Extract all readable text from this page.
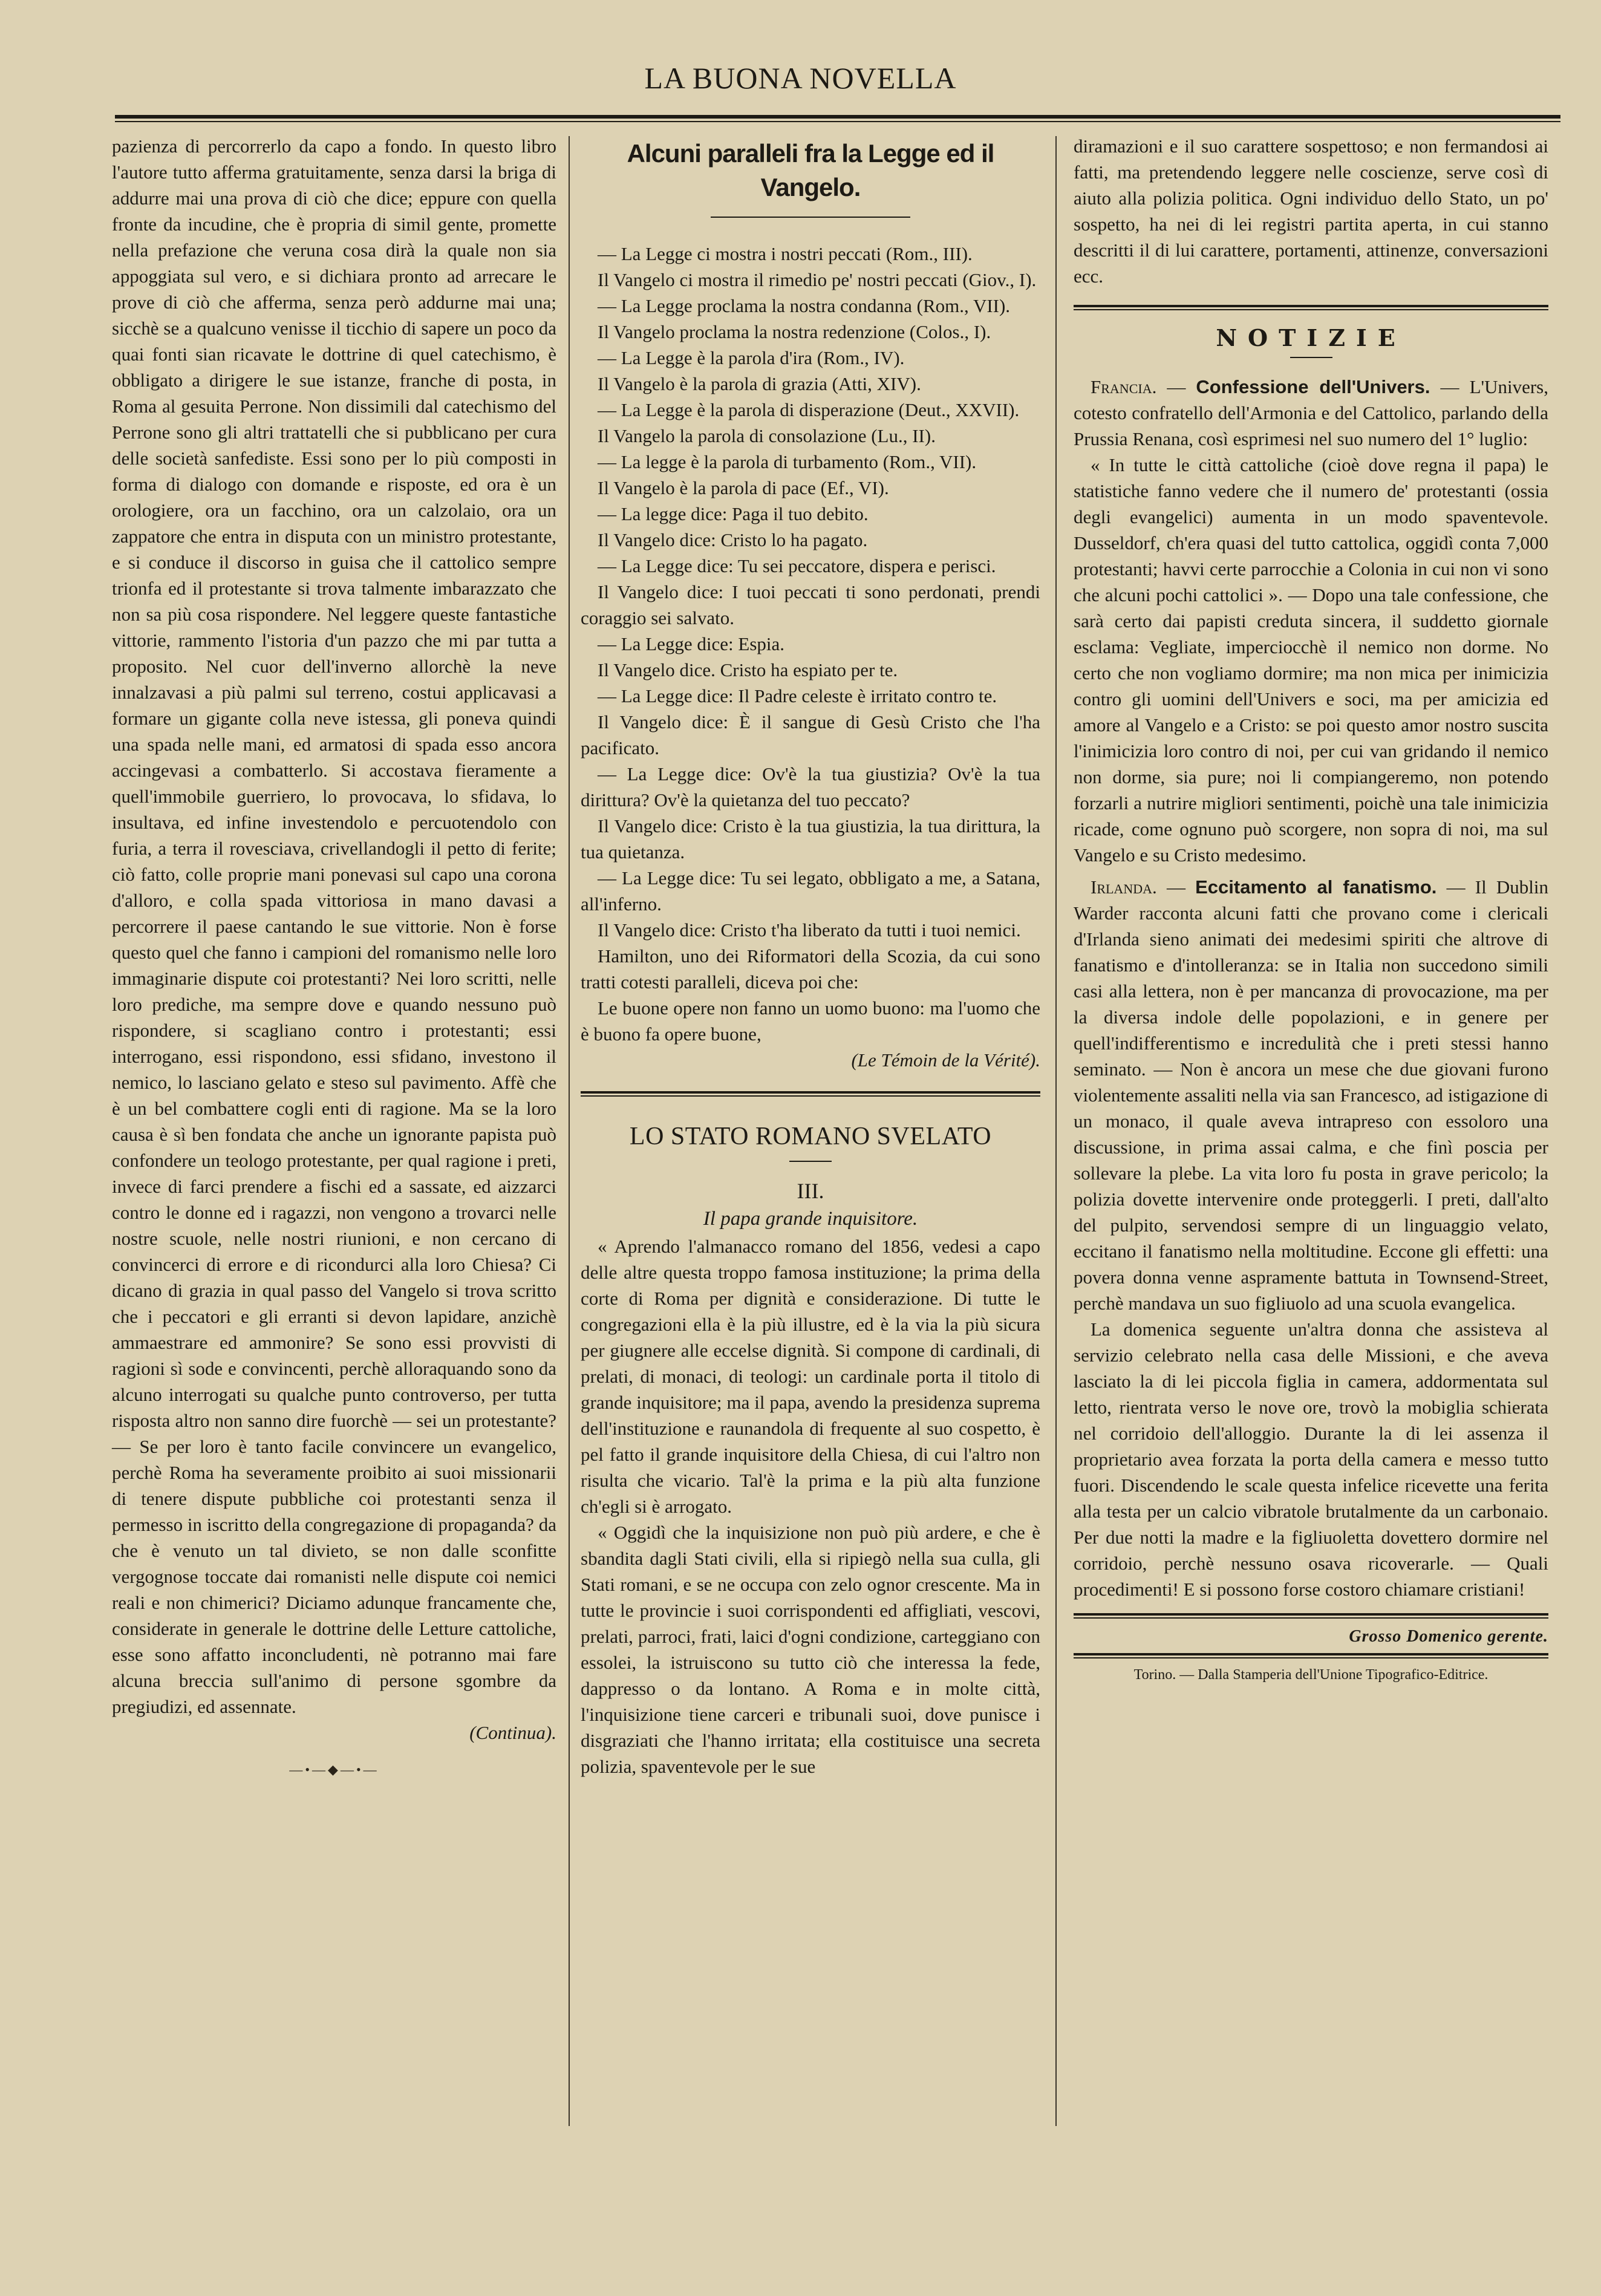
LA BUONA NOVELLA

pazienza di percorrerlo da capo a fondo. In questo libro l'autore tutto afferma gratuitamente, senza darsi la briga di addurre mai una prova di ciò che dice; eppure con quella fronte da incudine, che è propria di simil gente, promette nella prefazione che veruna cosa dirà la quale non sia appoggiata sul vero, e si dichiara pronto ad arrecare le prove di ciò che afferma, senza però addurne mai una; sicchè se a qualcuno venisse il ticchio di sapere un poco da quai fonti sian ricavate le dottrine di quel catechismo, è obbligato a dirigere le sue istanze, franche di posta, in Roma al gesuita Perrone. Non dissimili dal catechismo del Perrone sono gli altri trattatelli che si pubblicano per cura delle società sanfediste. Essi sono per lo più composti in forma di dialogo con domande e risposte, ed ora è un orologiere, ora un facchino, ora un calzolaio, ora un zappatore che entra in disputa con un ministro protestante, e si conduce il discorso in guisa che il cattolico sempre trionfa ed il protestante si trova talmente imbarazzato che non sa più cosa rispondere. Nel leggere queste fantastiche vittorie, rammento l'istoria d'un pazzo che mi par tutta a proposito. Nel cuor dell'inverno allorchè la neve innalzavasi a più palmi sul terreno, costui applicavasi a formare un gigante colla neve istessa, gli poneva quindi una spada nelle mani, ed armatosi di spada esso ancora accingevasi a combatterlo. Si accostava fieramente a quell'immobile guerriero, lo provocava, lo sfidava, lo insultava, ed infine investendolo e percuotendolo con furia, a terra il rovesciava, crivellandogli il petto di ferite; ciò fatto, colle proprie mani ponevasi sul capo una corona d'alloro, e colla spada vittoriosa in mano davasi a percorrere il paese cantando le sue vittorie. Non è forse questo quel che fanno i campioni del romanismo nelle loro immaginarie dispute coi protestanti? Nei loro scritti, nelle loro prediche, ma sempre dove e quando nessuno può rispondere, si scagliano contro i protestanti; essi interrogano, essi rispondono, essi sfidano, investono il nemico, lo lasciano gelato e steso sul pavimento. Affè che è un bel combattere cogli enti di ragione. Ma se la loro causa è sì ben fondata che anche un ignorante papista può confondere un teologo protestante, per qual ragione i preti, invece di farci prendere a fischi ed a sassate, ed aizzarci contro le donne ed i ragazzi, non vengono a trovarci nelle nostre scuole, nelle nostri riunioni, e non cercano di convincerci di errore e di ricondurci alla loro Chiesa? Ci dicano di grazia in qual passo del Vangelo si trova scritto che i peccatori e gli erranti si devon lapidare, anzichè ammaestrare ed ammonire? Se sono essi provvisti di ragioni sì sode e convincenti, perchè alloraquando sono da alcuno interrogati su qualche punto controverso, per tutta risposta altro non sanno dire fuorchè — sei un protestante? — Se per loro è tanto facile convincere un evangelico, perchè Roma ha severamente proibito ai suoi missionarii di tenere dispute pubbliche coi protestanti senza il permesso in iscritto della congregazione di propaganda? da che è venuto un tal divieto, se non dalle sconfitte vergognose toccate dai romanisti nelle dispute coi nemici reali e non chimerici? Diciamo adunque francamente che, considerate in generale le dottrine delle Letture cattoliche, esse sono affatto inconcludenti, nè potranno mai fare alcuna breccia sull'animo di persone sgombre da pregiudizi, ed assennate.

(Continua).

—•—◆—•—
Alcuni paralleli fra la Legge ed il Vangelo.

— La Legge ci mostra i nostri peccati (Rom., III).

Il Vangelo ci mostra il rimedio pe' nostri peccati (Giov., I).

— La Legge proclama la nostra condanna (Rom., VII).

Il Vangelo proclama la nostra redenzione (Colos., I).

— La Legge è la parola d'ira (Rom., IV).

Il Vangelo è la parola di grazia (Atti, XIV).

— La Legge è la parola di disperazione (Deut., XXVII).

Il Vangelo la parola di consolazione (Lu., II).

— La legge è la parola di turbamento (Rom., VII).

Il Vangelo è la parola di pace (Ef., VI).

— La legge dice: Paga il tuo debito.

Il Vangelo dice: Cristo lo ha pagato.

— La Legge dice: Tu sei peccatore, dispera e perisci.

Il Vangelo dice: I tuoi peccati ti sono perdonati, prendi coraggio sei salvato.

— La Legge dice: Espia.

Il Vangelo dice. Cristo ha espiato per te.

— La Legge dice: Il Padre celeste è irritato contro te.

Il Vangelo dice: È il sangue di Gesù Cristo che l'ha pacificato.

— La Legge dice: Ov'è la tua giustizia? Ov'è la tua dirittura? Ov'è la quietanza del tuo peccato?

Il Vangelo dice: Cristo è la tua giustizia, la tua dirittura, la tua quietanza.

— La Legge dice: Tu sei legato, obbligato a me, a Satana, all'inferno.

Il Vangelo dice: Cristo t'ha liberato da tutti i tuoi nemici.

Hamilton, uno dei Riformatori della Scozia, da cui sono tratti cotesti paralleli, diceva poi che:

Le buone opere non fanno un uomo buono: ma l'uomo che è buono fa opere buone,

(Le Témoin de la Vérité).

LO STATO ROMANO SVELATO
III.
Il papa grande inquisitore.

« Aprendo l'almanacco romano del 1856, vedesi a capo delle altre questa troppo famosa instituzione; la prima della corte di Roma per dignità e considerazione. Di tutte le congregazioni ella è la più illustre, ed è la via la più sicura per giugnere alle eccelse dignità. Si compone di cardinali, di prelati, di monaci, di teologi: un cardinale porta il titolo di grande inquisitore; ma il papa, avendo la presidenza suprema dell'instituzione e raunandola di frequente al suo cospetto, è pel fatto il grande inquisitore della Chiesa, di cui l'altro non risulta che vicario. Tal'è la prima e la più alta funzione ch'egli si è arrogato.

« Oggidì che la inquisizione non può più ardere, e che è sbandita dagli Stati civili, ella si ripiegò nella sua culla, gli Stati romani, e se ne occupa con zelo ognor crescente. Ma in tutte le provincie i suoi corrispondenti ed affigliati, vescovi, prelati, parroci, frati, laici d'ogni condizione, carteggiano con essolei, la istruiscono su tutto ciò che interessa la fede, dappresso o da lontano. A Roma e in molte città, l'inquisizione tiene carceri e tribunali suoi, dove punisce i disgraziati che l'hanno irritata; ella costituisce una secreta polizia, spaventevole per le sue

diramazioni e il suo carattere sospettoso; e non fermandosi ai fatti, ma pretendendo leggere nelle coscienze, serve così di aiuto alla polizia politica. Ogni individuo dello Stato, un po' sospetto, ha nei di lei registri partita aperta, in cui stanno descritti il di lui carattere, portamenti, attinenze, conversazioni ecc.

NOTIZIE

Francia. — Confessione dell'Univers. — L'Univers, cotesto confratello dell'Armonia e del Cattolico, parlando della Prussia Renana, così esprimesi nel suo numero del 1° luglio:

« In tutte le città cattoliche (cioè dove regna il papa) le statistiche fanno vedere che il numero de' protestanti (ossia degli evangelici) aumenta in un modo spaventevole. Dusseldorf, ch'era quasi del tutto cattolica, oggidì conta 7,000 protestanti; havvi certe parrocchie a Colonia in cui non vi sono che alcuni pochi cattolici ». — Dopo una tale confessione, che sarà certo dai papisti creduta sincera, il suddetto giornale esclama: Vegliate, imperciocchè il nemico non dorme. No certo che non vogliamo dormire; ma non mica per inimicizia contro gli uomini dell'Univers e soci, ma per amicizia ed amore al Vangelo e a Cristo: se poi questo amor nostro suscita l'inimicizia loro contro di noi, per cui van gridando il nemico non dorme, sia pure; noi li compiangeremo, non potendo forzarli a nutrire migliori sentimenti, poichè una tale inimicizia ricade, come ognuno può scorgere, non sopra di noi, ma sul Vangelo e su Cristo medesimo.

Irlanda. — Eccitamento al fanatismo. — Il Dublin Warder racconta alcuni fatti che provano come i clericali d'Irlanda sieno animati dei medesimi spiriti che altrove di fanatismo e d'intolleranza: se in Italia non succedono simili casi alla lettera, non è per mancanza di provocazione, ma per la diversa indole delle popolazioni, e in genere per quell'indifferentismo e incredulità che i preti stessi hanno seminato. — Non è ancora un mese che due giovani furono violentemente assaliti nella via san Francesco, ad istigazione di un monaco, il quale aveva intrapreso con essoloro una discussione, in prima assai calma, e che finì poscia per sollevare la plebe. La vita loro fu posta in grave pericolo; la polizia dovette intervenire onde proteggerli. I preti, dall'alto del pulpito, servendosi sempre di un linguaggio velato, eccitano il fanatismo nella moltitudine. Eccone gli effetti: una povera donna venne aspramente battuta in Townsend-Street, perchè mandava un suo figliuolo ad una scuola evangelica.

La domenica seguente un'altra donna che assisteva al servizio celebrato nella casa delle Missioni, e che aveva lasciato la di lei piccola figlia in camera, addormentata sul letto, rientrata verso le nove ore, trovò la mobiglia schierata nel corridoio dell'alloggio. Durante la di lei assenza il proprietario avea forzata la porta della camera e messo tutto fuori. Discendendo le scale questa infelice ricevette una ferita alla testa per un calcio vibratole brutalmente da un carbonaio. Per due notti la madre e la figliuoletta dovettero dormire nel corridoio, perchè nessuno osava ricoverarle. — Quali procedimenti! E si possono forse costoro chiamare cristiani!

Grosso Domenico gerente.
Torino. — Dalla Stamperia dell'Unione Tipografico-Editrice.
